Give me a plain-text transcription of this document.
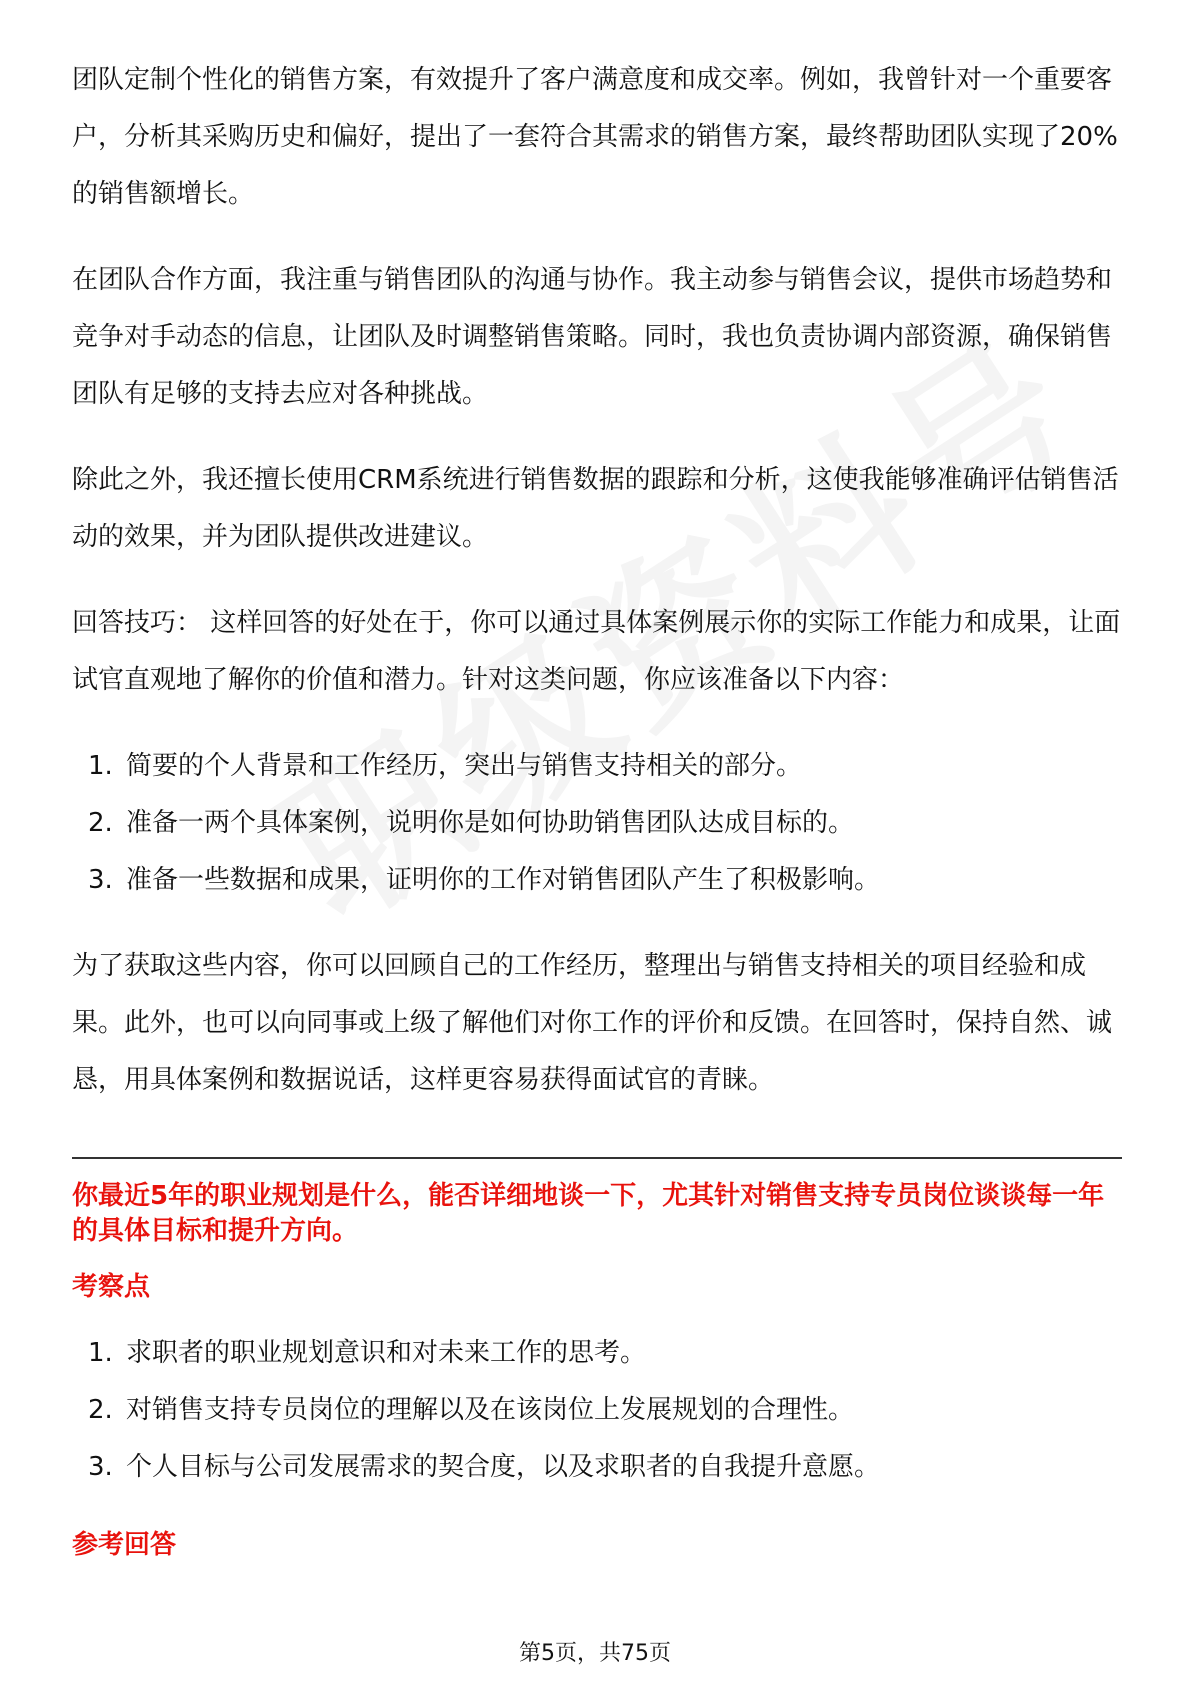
团队定制个性化的销售方案，有效提升了客户满意度和成交率。例如，我曾针对一个重要客户，分析其采购历史和偏好，提出了一套符合其需求的销售方案，最终帮助团队实现了20%的销售额增长。

在团队合作方面，我注重与销售团队的沟通与协作。我主动参与销售会议，提供市场趋势和竞争对手动态的信息，让团队及时调整销售策略。同时，我也负责协调内部资源，确保销售团队有足够的支持去应对各种挑战。

除此之外，我还擅长使用CRM系统进行销售数据的跟踪和分析，这使我能够准确评估销售活动的效果，并为团队提供改进建议。

回答技巧： 这样回答的好处在于，你可以通过具体案例展示你的实际工作能力和成果，让面试官直观地了解你的价值和潜力。针对这类问题，你应该准备以下内容：

1. 简要的个人背景和工作经历，突出与销售支持相关的部分。
2. 准备一两个具体案例，说明你是如何协助销售团队达成目标的。
3. 准备一些数据和成果，证明你的工作对销售团队产生了积极影响。

为了获取这些内容，你可以回顾自己的工作经历，整理出与销售支持相关的项目经验和成果。此外，也可以向同事或上级了解他们对你工作的评价和反馈。在回答时，保持自然、诚恳，用具体案例和数据说话，这样更容易获得面试官的青睐。

你最近5年的职业规划是什么，能否详细地谈一下，尤其针对销售支持专员岗位谈谈每一年的具体目标和提升方向。

考察点
1. 求职者的职业规划意识和对未来工作的思考。
2. 对销售支持专员岗位的理解以及在该岗位上发展规划的合理性。
3. 个人目标与公司发展需求的契合度，以及求职者的自我提升意愿。
参考回答
第5页，共75页
